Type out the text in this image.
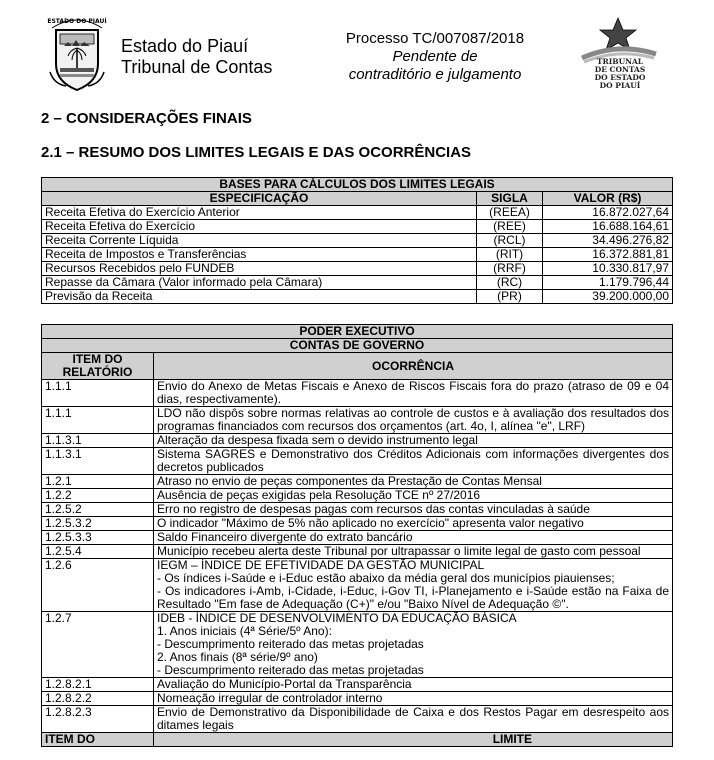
ESTADO DO PIAUÍ
Estado do Piauí
Tribunal de Contas
Processo TC/007087/2018
Pendente de
contraditório e julgamento
TRIBUNAL
DE CONTAS
DO ESTADO
DO PIAUÍ
2 – CONSIDERAÇÕES FINAIS
2.1 – RESUMO DOS LIMITES LEGAIS E DAS OCORRÊNCIAS
BASES PARA CÁLCULOS DOS LIMITES LEGAIS		
ESPECIFICAÇÃO	SIGLA	VALOR (R$)
Receita Efetiva do Exercício Anterior	(REEA)	16.872.027,64
Receita Efetiva do Exercício	(REE)	16.688.164,61
Receita Corrente Líquida	(RCL)	34.496.276,82
Receita de Impostos e Transferências	(RIT)	16.372.881,81
Recursos Recebidos pelo FUNDEB	(RRF)	10.330.817,97
Repasse da Câmara (Valor informado pela Câmara)	(RC)	1.179.796,44
Previsão da Receita	(PR)	39.200.000,00
PODER EXECUTIVO	
CONTAS DE GOVERNO	
ITEM DO RELATÓRIO	OCORRÊNCIA
1.1.1	Envio do Anexo de Metas Fiscais e Anexo de Riscos Fiscais fora do prazo (atraso de 09 e 04 dias, respectivamente).
1.1.1	LDO não dispôs sobre normas relativas ao controle de custos e à avaliação dos resultados dos programas financiados com recursos dos orçamentos (art. 4o, I, alínea "e", LRF)
1.1.3.1	Alteração da despesa fixada sem o devido instrumento legal
1.1.3.1	Sistema SAGRES e Demonstrativo dos Créditos Adicionais com informações divergentes dos decretos publicados
1.2.1	Atraso no envio de peças componentes da Prestação de Contas Mensal
1.2.2	Ausência de peças exigidas pela Resolução TCE nº 27/2016
1.2.5.2	Erro no registro de despesas pagas com recursos das contas vinculadas à saúde
1.2.5.3.2	O indicador "Máximo de 5% não aplicado no exercício" apresenta valor negativo
1.2.5.3.3	Saldo Financeiro divergente do extrato bancário
1.2.5.4	Município recebeu alerta deste Tribunal por ultrapassar o limite legal de gasto com pessoal
1.2.6	IEGM – ÍNDICE DE EFETIVIDADE DA GESTÃO MUNICIPAL
- Os índices i-Saúde e i-Educ estão abaixo da média geral dos municípios piauienses;
- Os indicadores i-Amb, i-Cidade, i-Educ, i-Gov TI, i-Planejamento e i-Saúde estão na Faixa de Resultado "Em fase de Adequação (C+)" e/ou "Baixo Nível de Adequação ©".

1.2.7	IDEB - ÍNDICE DE DESENVOLVIMENTO DA EDUCAÇÃO BÁSICA
1. Anos iniciais (4ª Série/5º Ano):
- Descumprimento reiterado das metas projetadas
2. Anos finais (8ª série/9º ano)
- Descumprimento reiterado das metas projetadas

1.2.8.2.1	Avaliação do Município-Portal da Transparência
1.2.8.2.2	Nomeação irregular de controlador interno
1.2.8.2.3	Envio de Demonstrativo da Disponibilidade de Caixa e dos Restos Pagar em desrespeito aos ditames legais
ITEM DO	LIMITE
